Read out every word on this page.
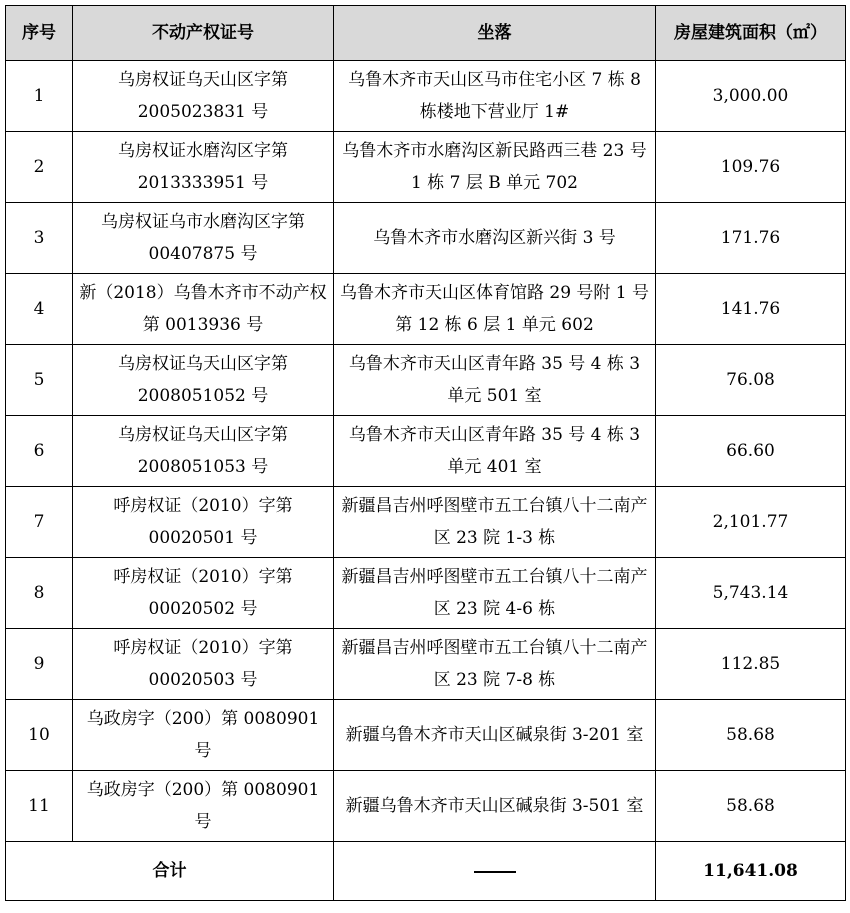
序号	不动产权证号	坐落	房屋建筑面积（㎡）
1	乌房权证乌天山区字第 2005023831 号	乌鲁木齐市天山区马市住宅小区 7 栋 8 栋楼地下营业厅 1#	3,000.00
2	乌房权证水磨沟区字第 2013333951 号	乌鲁木齐市水磨沟区新民路西三巷 23 号 1 栋 7 层 B 单元 702	109.76
3	乌房权证乌市水磨沟区字第 00407875 号	乌鲁木齐市水磨沟区新兴街 3 号	171.76
4	新（2018）乌鲁木齐市不动产权第 0013936 号	乌鲁木齐市天山区体育馆路 29 号附 1 号第 12 栋 6 层 1 单元 602	141.76
5	乌房权证乌天山区字第 2008051052 号	乌鲁木齐市天山区青年路 35 号 4 栋 3 单元 501 室	76.08
6	乌房权证乌天山区字第 2008051053 号	乌鲁木齐市天山区青年路 35 号 4 栋 3 单元 401 室	66.60
7	呼房权证（2010）字第 00020501 号	新疆昌吉州呼图壁市五工台镇八十二南产区 23 院 1-3 栋	2,101.77
8	呼房权证（2010）字第 00020502 号	新疆昌吉州呼图壁市五工台镇八十二南产区 23 院 4-6 栋	5,743.14
9	呼房权证（2010）字第 00020503 号	新疆昌吉州呼图壁市五工台镇八十二南产区 23 院 7-8 栋	112.85
10	乌政房字（200）第 0080901 号	新疆乌鲁木齐市天山区碱泉街 3-201 室	58.68
11	乌政房字（200）第 0080901 号	新疆乌鲁木齐市天山区碱泉街 3-501 室	58.68
合计			11,641.08
